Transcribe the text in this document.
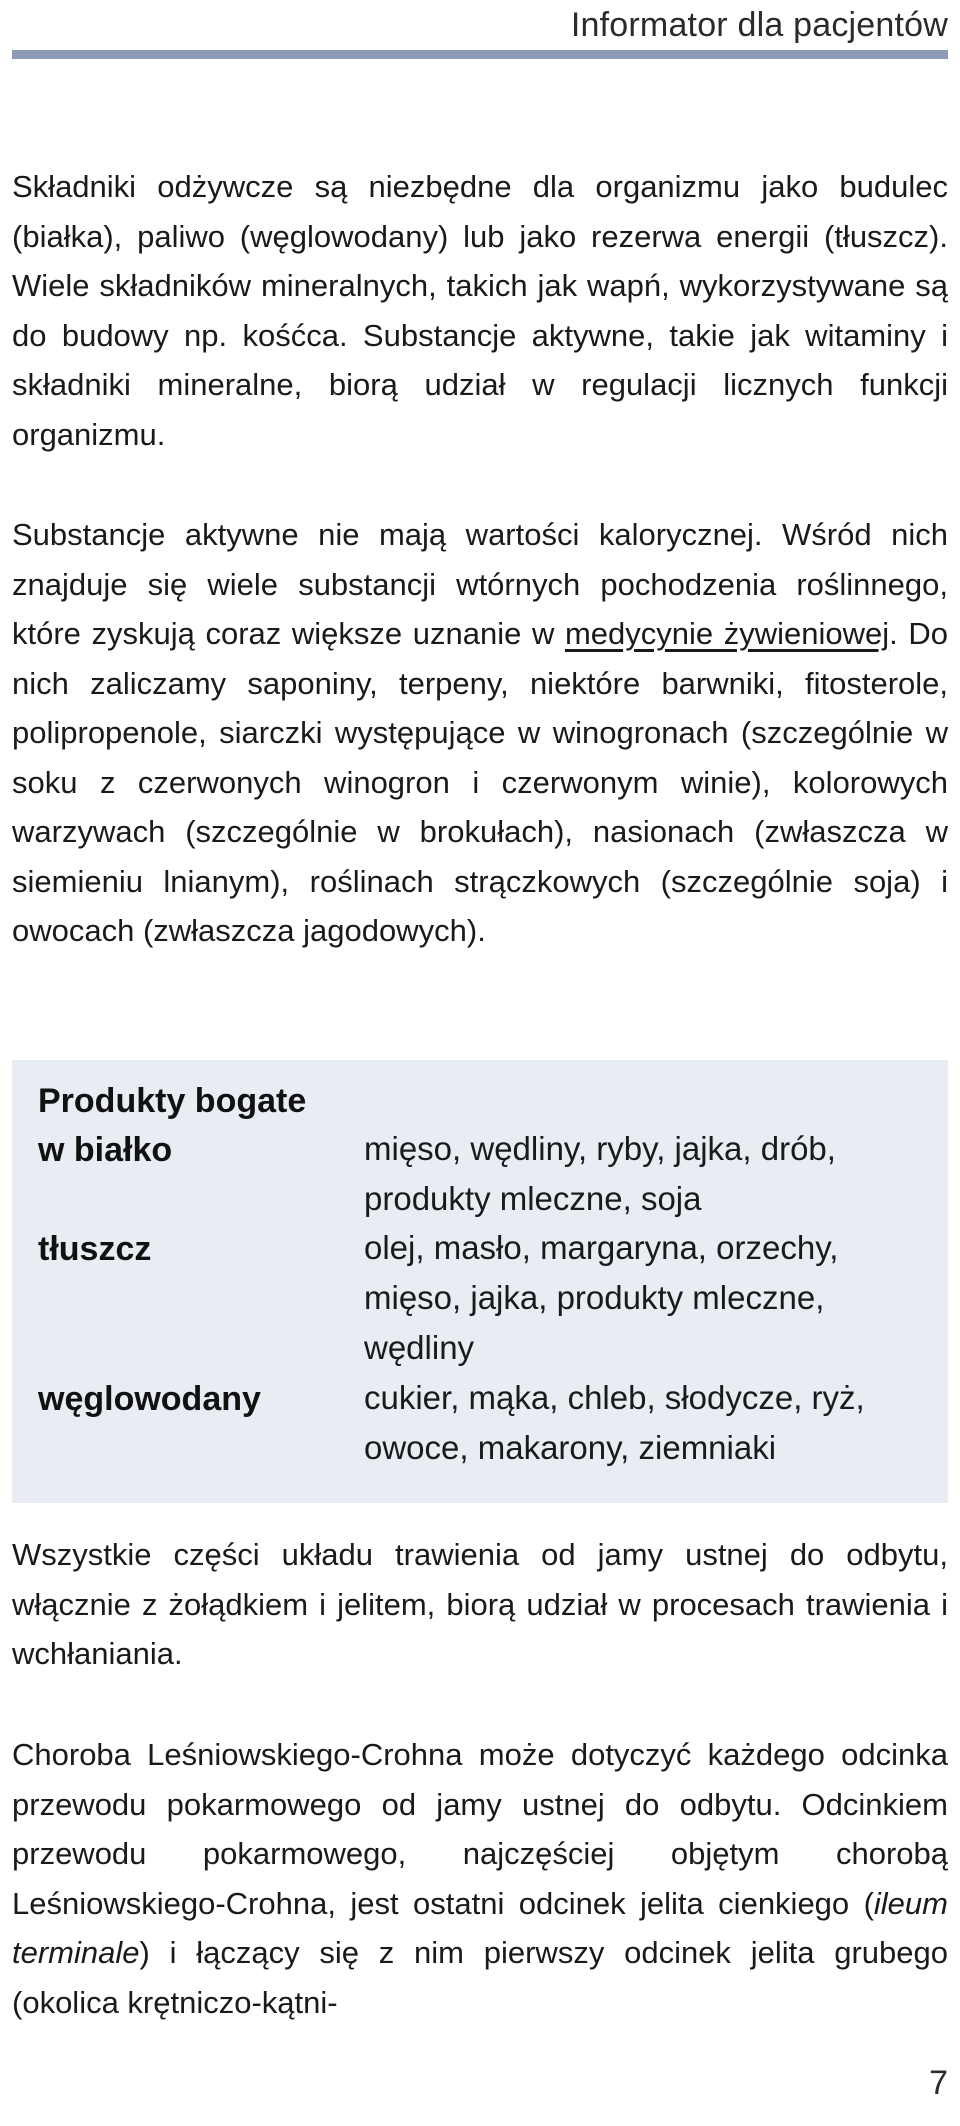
Informator dla pacjentów

Składniki odżywcze są niezbędne dla organizmu jako budulec (białka), paliwo (węglowodany) lub jako rezerwa energii (tłuszcz). Wiele składników mineralnych, takich jak wapń, wykorzystywane są do budowy np. kośćca. Substancje aktywne, takie jak witaminy i składniki mineralne, biorą udział w regulacji licznych funkcji organizmu.

Substancje aktywne nie mają wartości kalorycznej. Wśród nich znajduje się wiele substancji wtórnych pochodzenia roślinnego, które zyskują coraz większe uznanie w medycynie żywieniowej. Do nich zaliczamy saponiny, terpeny, niektóre barwniki, fitosterole, polipropenole, siarczki występujące w winogronach (szczególnie w soku z czerwonych winogron i czerwonym winie), kolorowych warzywach (szczególnie w brokułach), nasionach (zwłaszcza w siemieniu lnianym), roślinach strączkowych (szczególnie soja) i owocach (zwłaszcza jagodowych).

Produkty bogate
w białko	mięso, wędliny, ryby, jajka, drób, produkty mleczne, soja
tłuszcz	olej, masło, margaryna, orzechy, mięso, jajka, produkty mleczne, wędliny
węglowodany	cukier, mąka, chleb, słodycze, ryż, owoce, makarony, ziemniaki

Wszystkie części układu trawienia od jamy ustnej do odbytu, włącznie z żołądkiem i jelitem, biorą udział w procesach trawienia i wchłaniania.

Choroba Leśniowskiego-Crohna może dotyczyć każdego odcinka przewodu pokarmowego od jamy ustnej do odbytu. Odcinkiem przewodu pokarmowego, najczęściej objętym chorobą Leśniowskiego-Crohna, jest ostatni odcinek jelita cienkiego (ileum terminale) i łączący się z nim pierwszy odcinek jelita grubego (okolica krętniczo-kątni-

7
